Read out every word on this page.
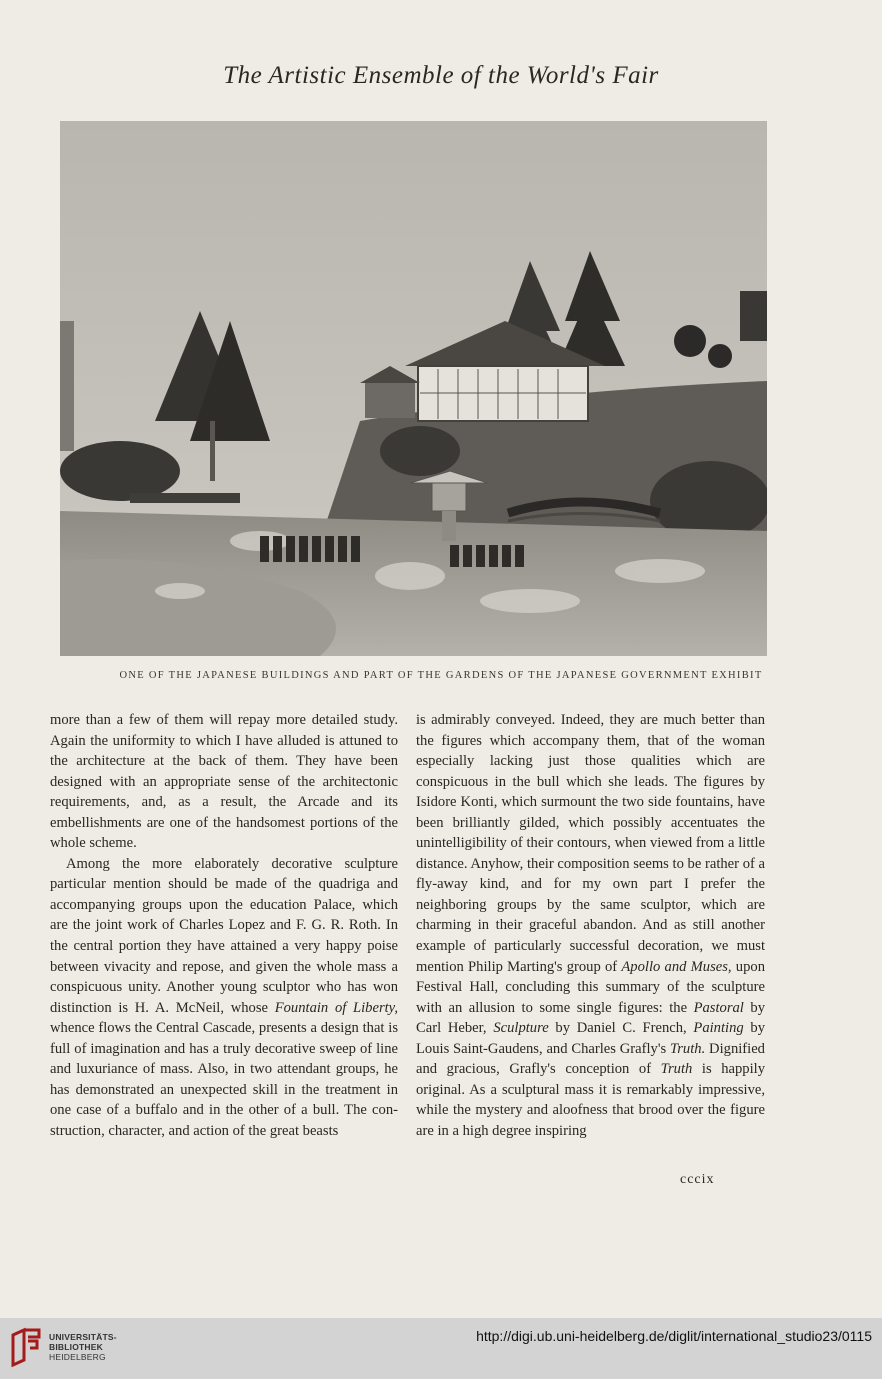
The Artistic Ensemble of the World's Fair
ONE OF THE JAPANESE BUILDINGS AND PART OF THE GARDENS OF THE JAPANESE GOVERNMENT EXHIBIT

more than a few of them will repay more detailed study. Again the uniformity to which I have alluded is attuned to the architecture at the back of them. They have been designed with an appropriate sense of the architectonic requirements, and, as a result, the Arcade and its embellishments are one of the handsomest portions of the whole scheme.

Among the more elaborately decorative sculpture particular mention should be made of the quadriga and accompanying groups upon the education Palace, which are the joint work of Charles Lopez and F. G. R. Roth. In the central portion they have attained a very happy poise between vivacity and repose, and given the whole mass a conspicuous unity. Another young sculptor who has won distinction is H. A. McNeil, whose Fountain of Liberty, whence flows the Central Cascade, presents a design that is full of imagination and has a truly decorative sweep of line and luxuriance of mass. Also, in two attendant groups, he has demonstrated an unexpected skill in the treatment in one case of a buffalo and in the other of a bull. The construction, character, and action of the great beasts

is admirably conveyed. Indeed, they are much better than the figures which accompany them, that of the woman especially lacking just those qualities which are conspicuous in the bull which she leads. The figures by Isidore Konti, which surmount the two side fountains, have been brilliantly gilded, which possibly accentuates the unintelligibility of their contours, when viewed from a little distance. Anyhow, their composition seems to be rather of a fly-away kind, and for my own part I prefer the neighboring groups by the same sculptor, which are charming in their graceful abandon. And as still another example of particularly successful decoration, we must mention Philip Marting's group of Apollo and Muses, upon Festival Hall, concluding this summary of the sculpture with an allusion to some single figures: the Pastoral by Carl Heber, Sculpture by Daniel C. French, Painting by Louis Saint-Gaudens, and Charles Grafly's Truth. Dignified and gracious, Grafly's conception of Truth is happily original. As a sculptural mass it is remarkably impressive, while the mystery and aloofness that brood over the figure are in a high degree inspiring

cccix
UNIVERSITÄTS-
BIBLIOTHEK
HEIDELBERG
http://digi.ub.uni-heidelberg.de/diglit/international_studio23/0115
